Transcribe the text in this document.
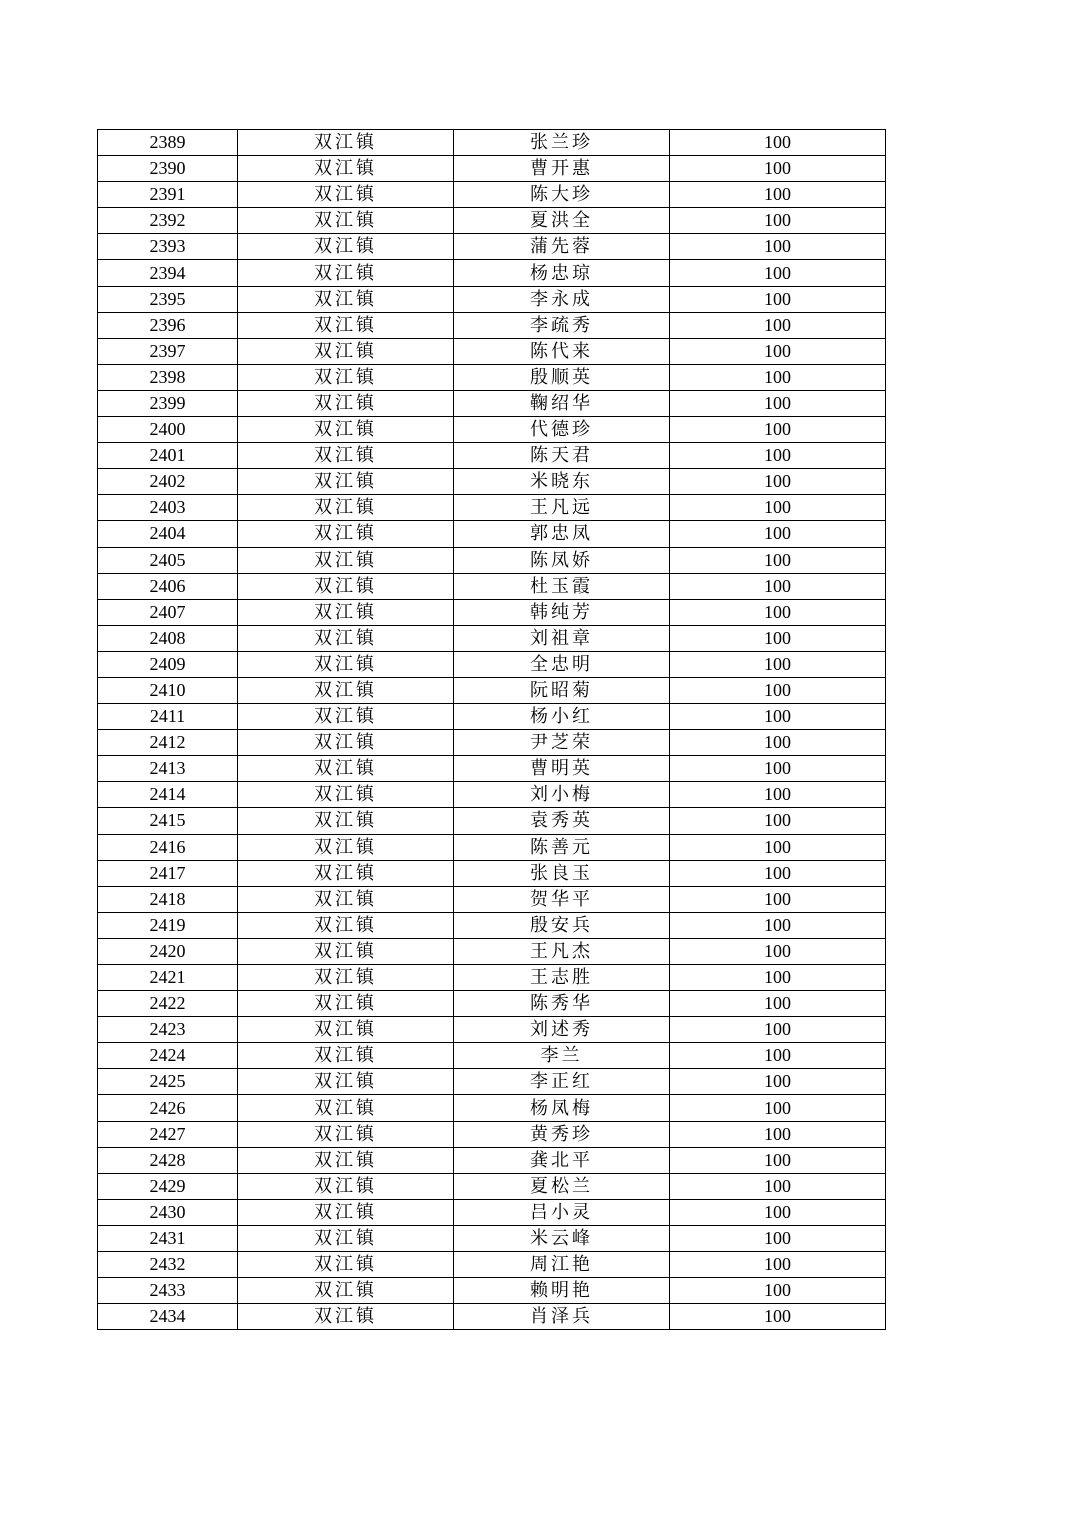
2389	双江镇	张兰珍	100
2390	双江镇	曹开惠	100
2391	双江镇	陈大珍	100
2392	双江镇	夏洪全	100
2393	双江镇	蒲先蓉	100
2394	双江镇	杨忠琼	100
2395	双江镇	李永成	100
2396	双江镇	李疏秀	100
2397	双江镇	陈代来	100
2398	双江镇	殷顺英	100
2399	双江镇	鞠绍华	100
2400	双江镇	代德珍	100
2401	双江镇	陈天君	100
2402	双江镇	米晓东	100
2403	双江镇	王凡远	100
2404	双江镇	郭忠凤	100
2405	双江镇	陈凤娇	100
2406	双江镇	杜玉霞	100
2407	双江镇	韩纯芳	100
2408	双江镇	刘祖章	100
2409	双江镇	全忠明	100
2410	双江镇	阮昭菊	100
2411	双江镇	杨小红	100
2412	双江镇	尹芝荣	100
2413	双江镇	曹明英	100
2414	双江镇	刘小梅	100
2415	双江镇	袁秀英	100
2416	双江镇	陈善元	100
2417	双江镇	张良玉	100
2418	双江镇	贺华平	100
2419	双江镇	殷安兵	100
2420	双江镇	王凡杰	100
2421	双江镇	王志胜	100
2422	双江镇	陈秀华	100
2423	双江镇	刘述秀	100
2424	双江镇	李兰	100
2425	双江镇	李正红	100
2426	双江镇	杨凤梅	100
2427	双江镇	黄秀珍	100
2428	双江镇	龚北平	100
2429	双江镇	夏松兰	100
2430	双江镇	吕小灵	100
2431	双江镇	米云峰	100
2432	双江镇	周江艳	100
2433	双江镇	赖明艳	100
2434	双江镇	肖泽兵	100
